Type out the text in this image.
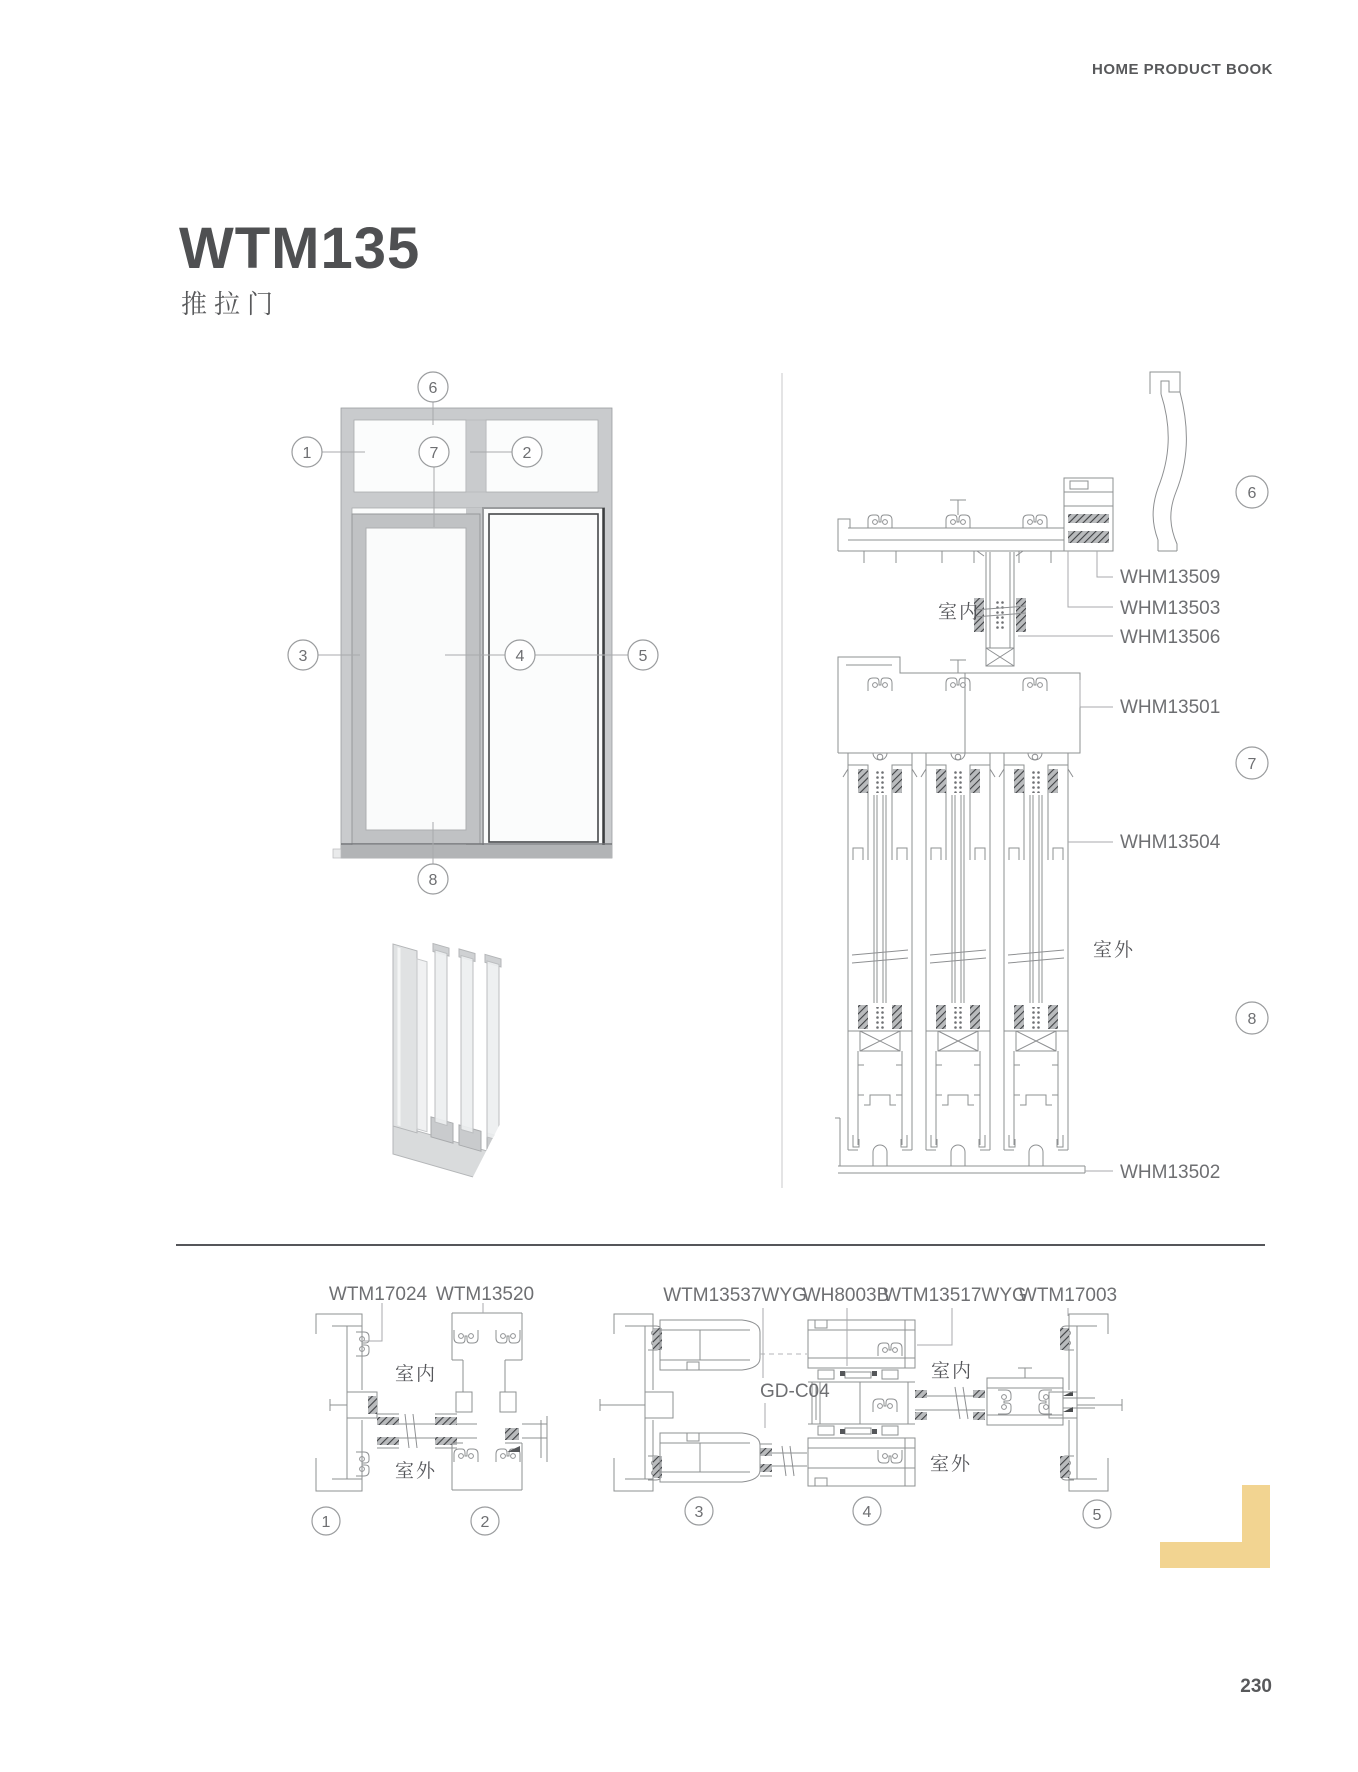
HOME PRODUCT BOOK
WTM135
推拉门
230
6
1	7	2
3	4	5
8
WHM13509
WHM13503
WHM13506
WHM13501
WHM13504
WHM13502
室内
室外
6
7
8
WTM17024 WTM13520
室内
室外
1	2
WTM13537WYG
WH8003B
WTM13517WYG
WTM17003
GD-C04
室内
室外
3	4	5
